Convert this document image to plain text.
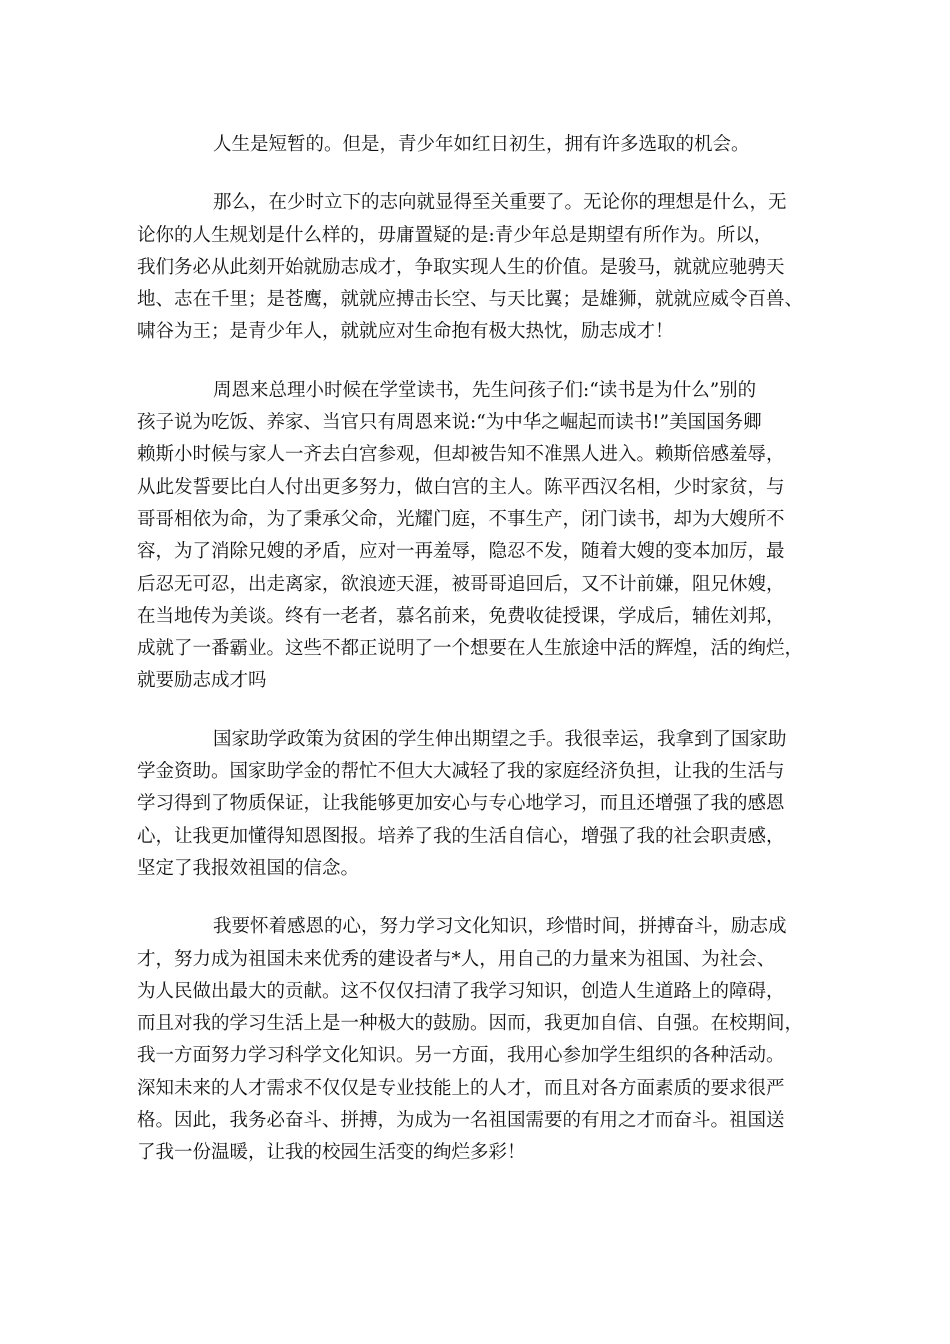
人生是短暂的。但是，青少年如红日初生，拥有许多选取的机会。
那么，在少时立下的志向就显得至关重要了。无论你的理想是什么，无
论你的人生规划是什么样的，毋庸置疑的是:青少年总是期望有所作为。所以，
我们务必从此刻开始就励志成才，争取实现人生的价值。是骏马，就就应驰骋天
地、志在千里；是苍鹰，就就应搏击长空、与天比翼；是雄狮，就就应威令百兽、
啸谷为王；是青少年人，就就应对生命抱有极大热忱，励志成才！
周恩来总理小时候在学堂读书，先生问孩子们:“读书是为什么”别的
孩子说为吃饭、养家、当官只有周恩来说:“为中华之崛起而读书!”美国国务卿
赖斯小时候与家人一齐去白宫参观，但却被告知不准黑人进入。赖斯倍感羞辱，
从此发誓要比白人付出更多努力，做白宫的主人。陈平西汉名相，少时家贫，与
哥哥相依为命，为了秉承父命，光耀门庭，不事生产，闭门读书，却为大嫂所不
容，为了消除兄嫂的矛盾，应对一再羞辱，隐忍不发，随着大嫂的变本加厉，最
后忍无可忍，出走离家，欲浪迹天涯，被哥哥追回后，又不计前嫌，阻兄休嫂，
在当地传为美谈。终有一老者，慕名前来，免费收徒授课，学成后，辅佐刘邦，
成就了一番霸业。这些不都正说明了一个想要在人生旅途中活的辉煌，活的绚烂，
就要励志成才吗
国家助学政策为贫困的学生伸出期望之手。我很幸运，我拿到了国家助
学金资助。国家助学金的帮忙不但大大减轻了我的家庭经济负担，让我的生活与
学习得到了物质保证，让我能够更加安心与专心地学习，而且还增强了我的感恩
心，让我更加懂得知恩图报。培养了我的生活自信心，增强了我的社会职责感，
坚定了我报效祖国的信念。
我要怀着感恩的心，努力学习文化知识，珍惜时间，拼搏奋斗，励志成
才，努力成为祖国未来优秀的建设者与*人，用自己的力量来为祖国、为社会、
为人民做出最大的贡献。这不仅仅扫清了我学习知识，创造人生道路上的障碍，
而且对我的学习生活上是一种极大的鼓励。因而，我更加自信、自强。在校期间，
我一方面努力学习科学文化知识。另一方面，我用心参加学生组织的各种活动。
深知未来的人才需求不仅仅是专业技能上的人才，而且对各方面素质的要求很严
格。因此，我务必奋斗、拼搏，为成为一名祖国需要的有用之才而奋斗。祖国送
了我一份温暖，让我的校园生活变的绚烂多彩！
